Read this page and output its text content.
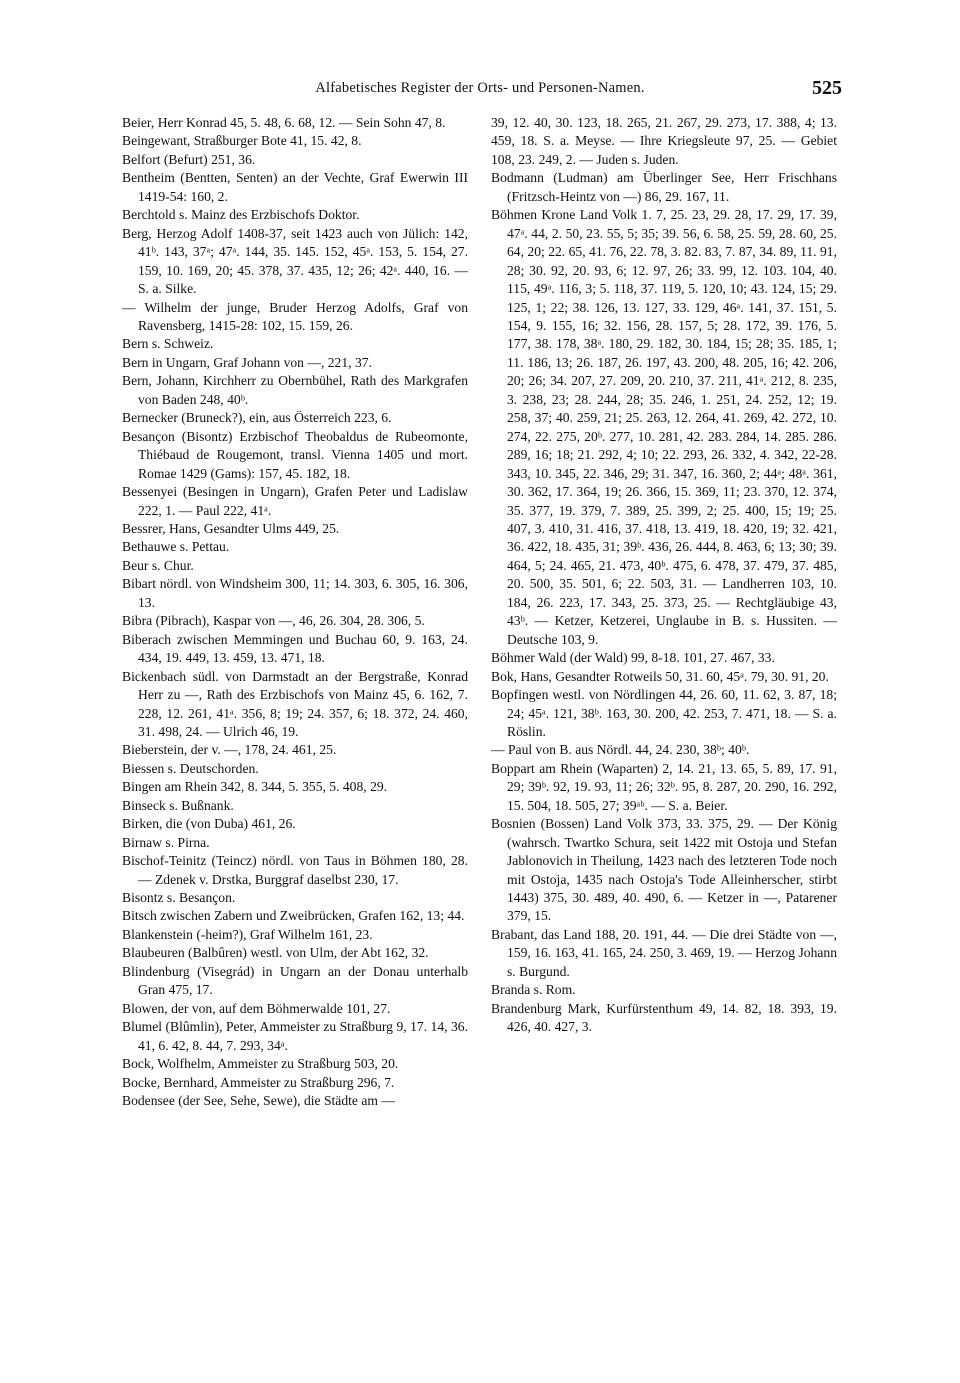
Alfabetisches Register der Orts- und Personen-Namen.	525

Beier, Herr Konrad 45, 5. 48, 6. 68, 12. — Sein Sohn 47, 8.

Beingewant, Straßburger Bote 41, 15. 42, 8.

Belfort (Befurt) 251, 36.

Bentheim (Bentten, Senten) an der Vechte, Graf Ewerwin III 1419-54: 160, 2.

Berchtold s. Mainz des Erzbischofs Doktor.

Berg, Herzog Adolf 1408-37, seit 1423 auch von Jülich: 142, 41ᵇ. 143, 37ᵃ; 47ᵃ. 144, 35. 145. 152, 45ᵃ. 153, 5. 154, 27. 159, 10. 169, 20; 45. 378, 37. 435, 12; 26; 42ᵃ. 440, 16. — S. a. Silke.

— Wilhelm der junge, Bruder Herzog Adolfs, Graf von Ravensberg, 1415-28: 102, 15. 159, 26.

Bern s. Schweiz.

Bern in Ungarn, Graf Johann von —, 221, 37.

Bern, Johann, Kirchherr zu Obernbühel, Rath des Markgrafen von Baden 248, 40ᵇ.

Bernecker (Bruneck?), ein, aus Österreich 223, 6.

Besançon (Bisontz) Erzbischof Theobaldus de Rubeomonte, Thiébaud de Rougemont, transl. Vienna 1405 und mort. Romae 1429 (Gams): 157, 45. 182, 18.

Bessenyei (Besingen in Ungarn), Grafen Peter und Ladislaw 222, 1. — Paul 222, 41ᵃ.

Bessrer, Hans, Gesandter Ulms 449, 25.

Bethauwe s. Pettau.

Beur s. Chur.

Bibart nördl. von Windsheim 300, 11; 14. 303, 6. 305, 16. 306, 13.

Bibra (Pibrach), Kaspar von —, 46, 26. 304, 28. 306, 5.

Biberach zwischen Memmingen und Buchau 60, 9. 163, 24. 434, 19. 449, 13. 459, 13. 471, 18.

Bickenbach südl. von Darmstadt an der Bergstraße, Konrad Herr zu —, Rath des Erzbischofs von Mainz 45, 6. 162, 7. 228, 12. 261, 41ᵃ. 356, 8; 19; 24. 357, 6; 18. 372, 24. 460, 31. 498, 24. — Ulrich 46, 19.

Bieberstein, der v. —, 178, 24. 461, 25.

Biessen s. Deutschorden.

Bingen am Rhein 342, 8. 344, 5. 355, 5. 408, 29.

Binseck s. Bußnank.

Birken, die (von Duba) 461, 26.

Birnaw s. Pirna.

Bischof-Teinitz (Teincz) nördl. von Taus in Böhmen 180, 28. — Zdenek v. Drstka, Burggraf daselbst 230, 17.

Bisontz s. Besançon.

Bitsch zwischen Zabern und Zweibrücken, Grafen 162, 13; 44.

Blankenstein (-heim?), Graf Wilhelm 161, 23.

Blaubeuren (Balbûren) westl. von Ulm, der Abt 162, 32.

Blindenburg (Visegrád) in Ungarn an der Donau unterhalb Gran 475, 17.

Blowen, der von, auf dem Böhmerwalde 101, 27.

Blumel (Blûmlin), Peter, Ammeister zu Straßburg 9, 17. 14, 36. 41, 6. 42, 8. 44, 7. 293, 34ᵃ.

Bock, Wolfhelm, Ammeister zu Straßburg 503, 20.

Bocke, Bernhard, Ammeister zu Straßburg 296, 7.

Bodensee (der See, Sehe, Sewe), die Städte am —

39, 12. 40, 30. 123, 18. 265, 21. 267, 29. 273, 17. 388, 4; 13. 459, 18. S. a. Meyse. — Ihre Kriegsleute 97, 25. — Gebiet 108, 23. 249, 2. — Juden s. Juden.

Bodmann (Ludman) am Überlinger See, Herr Frischhans (Fritzsch-Heintz von —) 86, 29. 167, 11.

Böhmen Krone Land Volk 1. 7, 25. 23, 29. 28, 17. 29, 17. 39, 47ᵃ. 44, 2. 50, 23. 55, 5; 35; 39. 56, 6. 58, 25. 59, 28. 60, 25. 64, 20; 22. 65, 41. 76, 22. 78, 3. 82. 83, 7. 87, 34. 89, 11. 91, 28; 30. 92, 20. 93, 6; 12. 97, 26; 33. 99, 12. 103. 104, 40. 115, 49ᵃ. 116, 3; 5. 118, 37. 119, 5. 120, 10; 43. 124, 15; 29. 125, 1; 22; 38. 126, 13. 127, 33. 129, 46ᵃ. 141, 37. 151, 5. 154, 9. 155, 16; 32. 156, 28. 157, 5; 28. 172, 39. 176, 5. 177, 38. 178, 38ᵃ. 180, 29. 182, 30. 184, 15; 28; 35. 185, 1; 11. 186, 13; 26. 187, 26. 197, 43. 200, 48. 205, 16; 42. 206, 20; 26; 34. 207, 27. 209, 20. 210, 37. 211, 41ᵃ. 212, 8. 235, 3. 238, 23; 28. 244, 28; 35. 246, 1. 251, 24. 252, 12; 19. 258, 37; 40. 259, 21; 25. 263, 12. 264, 41. 269, 42. 272, 10. 274, 22. 275, 20ᵇ. 277, 10. 281, 42. 283. 284, 14. 285. 286. 289, 16; 18; 21. 292, 4; 10; 22. 293, 26. 332, 4. 342, 22-28. 343, 10. 345, 22. 346, 29; 31. 347, 16. 360, 2; 44ᵃ; 48ᵃ. 361, 30. 362, 17. 364, 19; 26. 366, 15. 369, 11; 23. 370, 12. 374, 35. 377, 19. 379, 7. 389, 25. 399, 2; 25. 400, 15; 19; 25. 407, 3. 410, 31. 416, 37. 418, 13. 419, 18. 420, 19; 32. 421, 36. 422, 18. 435, 31; 39ᵇ. 436, 26. 444, 8. 463, 6; 13; 30; 39. 464, 5; 24. 465, 21. 473, 40ᵇ. 475, 6. 478, 37. 479, 37. 485, 20. 500, 35. 501, 6; 22. 503, 31. — Landherren 103, 10. 184, 26. 223, 17. 343, 25. 373, 25. — Rechtgläubige 43, 43ᵇ. — Ketzer, Ketzerei, Unglaube in B. s. Hussiten. — Deutsche 103, 9.

Böhmer Wald (der Wald) 99, 8-18. 101, 27. 467, 33.

Bok, Hans, Gesandter Rotweils 50, 31. 60, 45ᵃ. 79, 30. 91, 20.

Bopfingen westl. von Nördlingen 44, 26. 60, 11. 62, 3. 87, 18; 24; 45ᵃ. 121, 38ᵇ. 163, 30. 200, 42. 253, 7. 471, 18. — S. a. Röslin.

— Paul von B. aus Nördl. 44, 24. 230, 38ᵇ; 40ᵇ.

Boppart am Rhein (Waparten) 2, 14. 21, 13. 65, 5. 89, 17. 91, 29; 39ᵇ. 92, 19. 93, 11; 26; 32ᵇ. 95, 8. 287, 20. 290, 16. 292, 15. 504, 18. 505, 27; 39ᵃᵇ. — S. a. Beier.

Bosnien (Bossen) Land Volk 373, 33. 375, 29. — Der König (wahrsch. Twartko Schura, seit 1422 mit Ostoja und Stefan Jablonovich in Theilung, 1423 nach des letzteren Tode noch mit Ostoja, 1435 nach Ostoja's Tode Alleinherscher, stirbt 1443) 375, 30. 489, 40. 490, 6. — Ketzer in —, Patarener 379, 15.

Brabant, das Land 188, 20. 191, 44. — Die drei Städte von —, 159, 16. 163, 41. 165, 24. 250, 3. 469, 19. — Herzog Johann s. Burgund.

Branda s. Rom.

Brandenburg Mark, Kurfürstenthum 49, 14. 82, 18. 393, 19. 426, 40. 427, 3.
